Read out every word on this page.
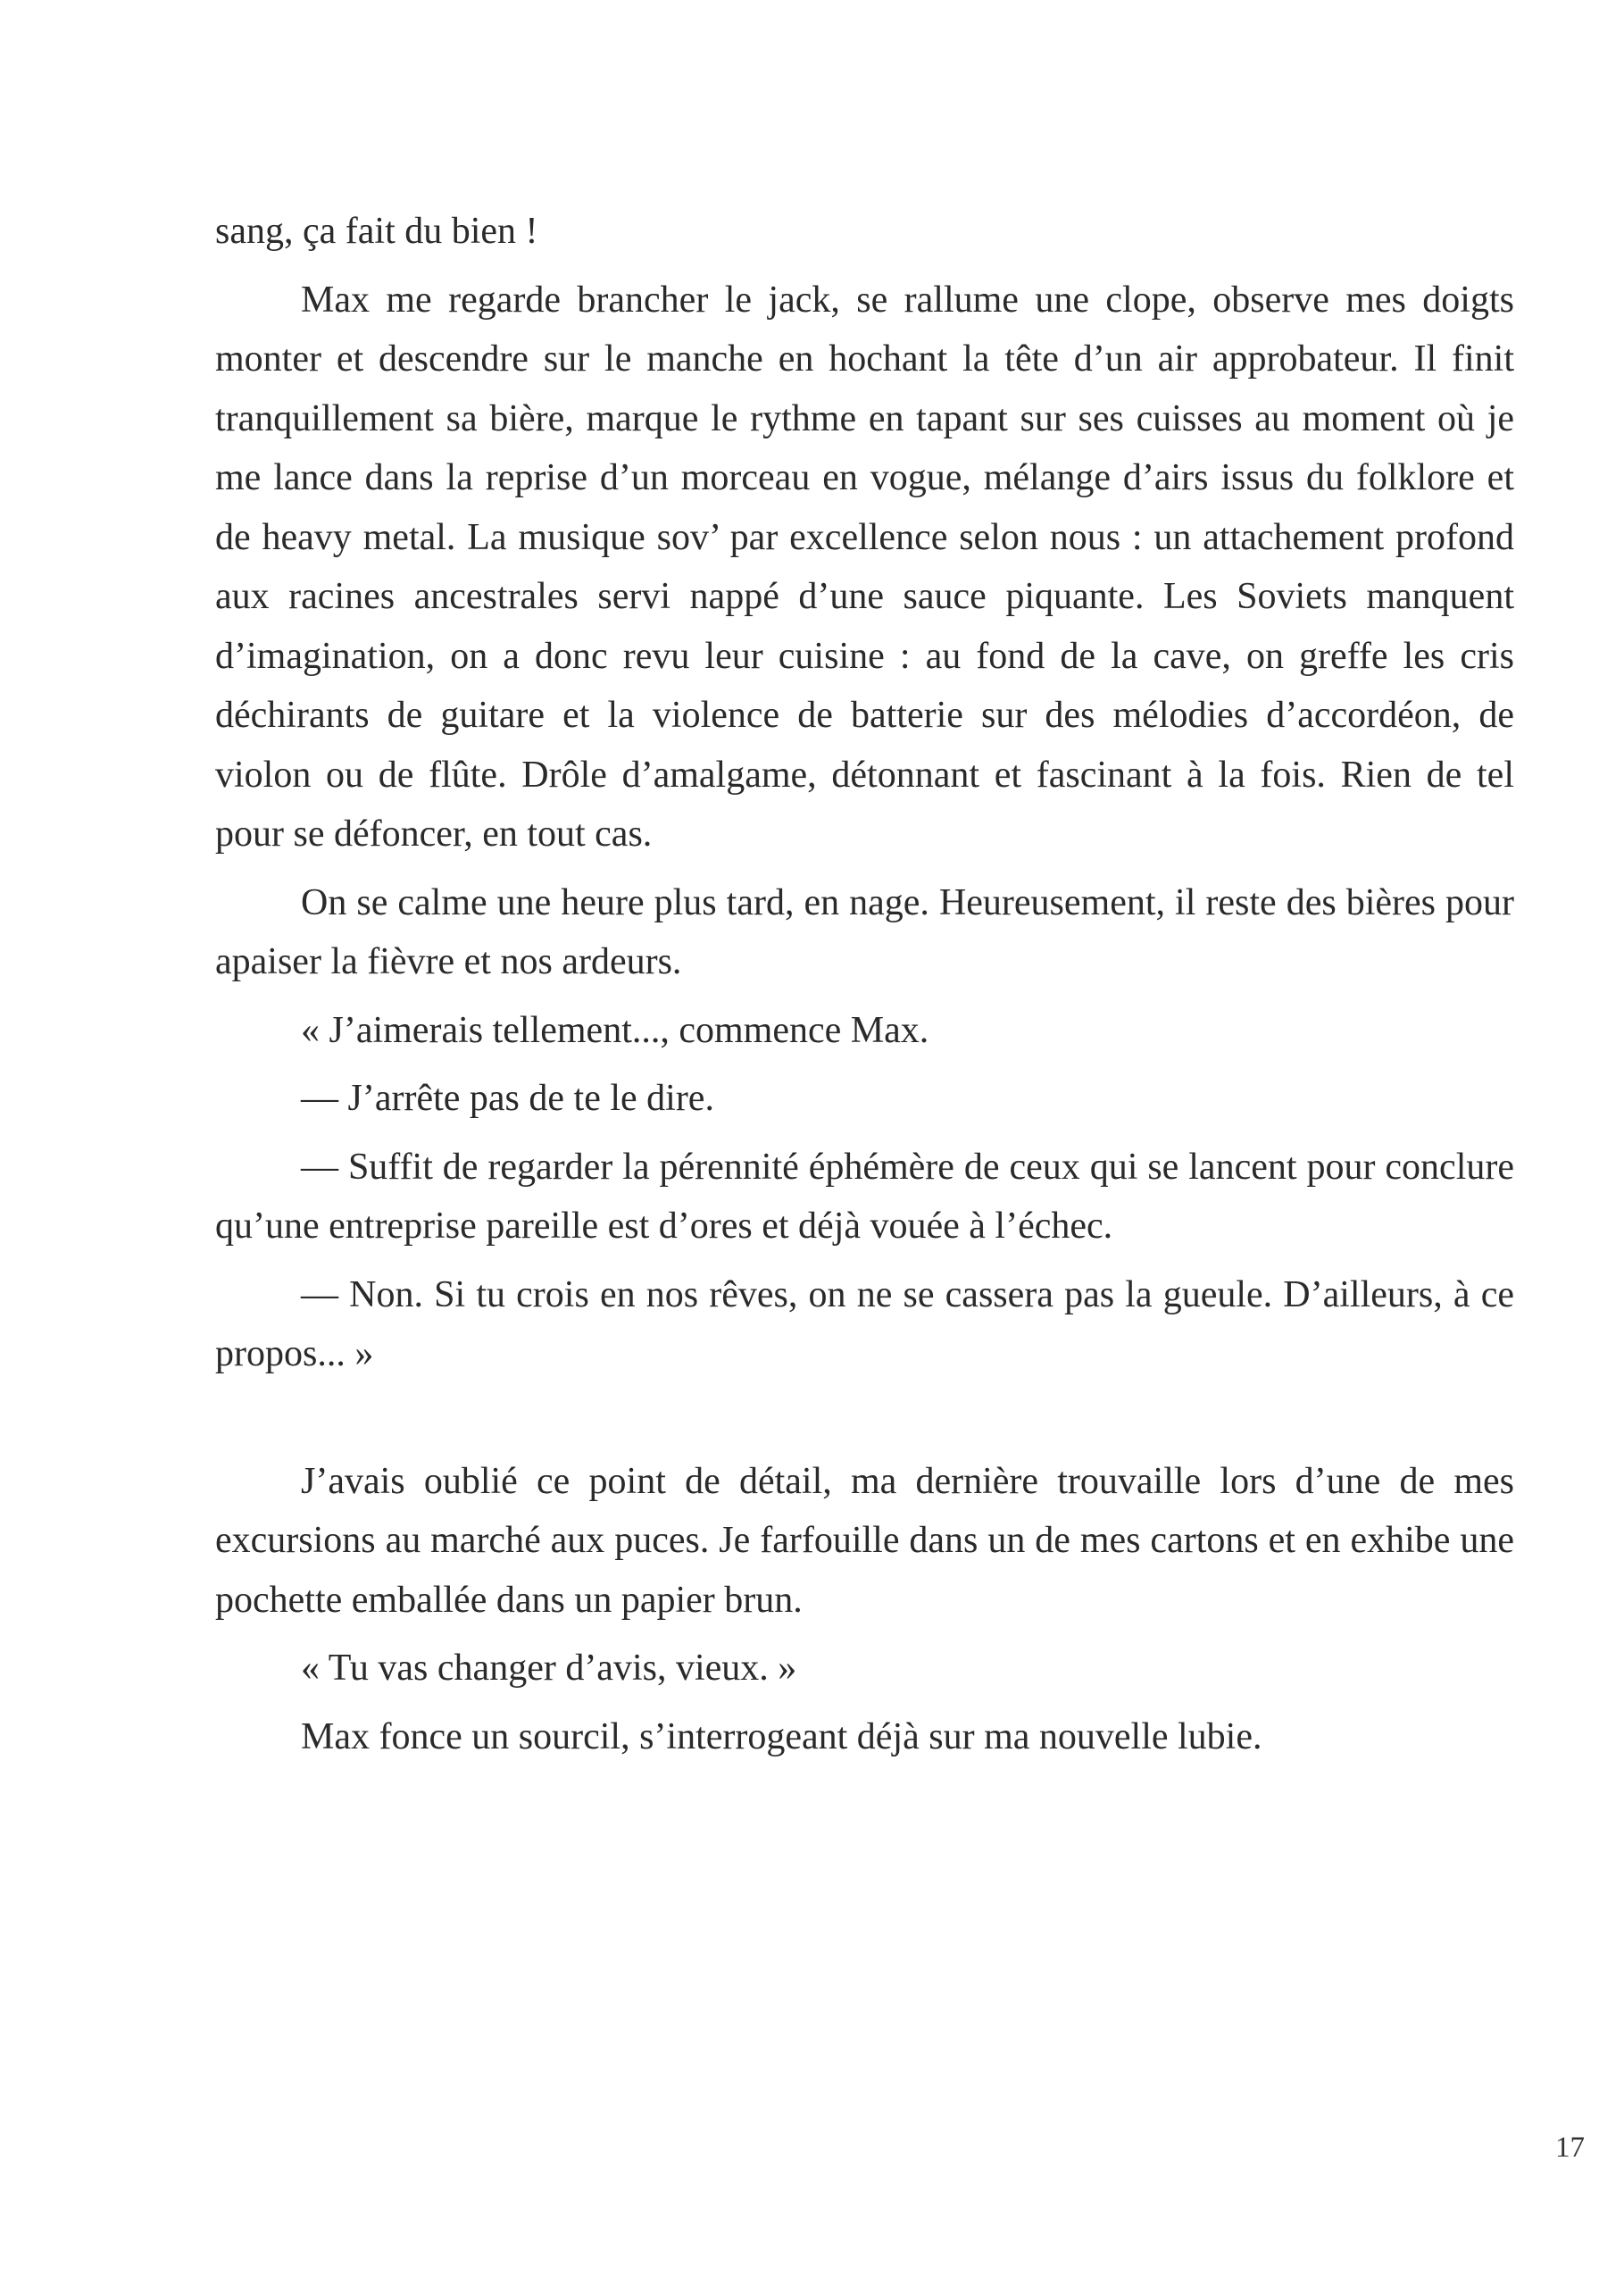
sang, ça fait du bien !

Max me regarde brancher le jack, se rallume une clope, observe mes doigts monter et descendre sur le manche en hochant la tête d’un air approbateur. Il finit tranquillement sa bière, marque le rythme en tapant sur ses cuisses au moment où je me lance dans la reprise d’un morceau en vogue, mélange d’airs issus du folklore et de heavy metal. La musique sov’ par excellence selon nous : un attachement profond aux racines ancestrales servi nappé d’une sauce piquante. Les Soviets manquent d’imagination, on a donc revu leur cuisine : au fond de la cave, on greffe les cris déchirants de guitare et la violence de batterie sur des mélodies d’accordéon, de violon ou de flûte. Drôle d’amalgame, détonnant et fascinant à la fois. Rien de tel pour se défoncer, en tout cas.

On se calme une heure plus tard, en nage. Heureusement, il reste des bières pour apaiser la fièvre et nos ardeurs.

« J’aimerais tellement..., commence Max.

— J’arrête pas de te le dire.

— Suffit de regarder la pérennité éphémère de ceux qui se lancent pour conclure qu’une entreprise pareille est d’ores et déjà vouée à l’échec.

— Non. Si tu crois en nos rêves, on ne se cassera pas la gueule. D’ailleurs, à ce propos... »

J’avais oublié ce point de détail, ma dernière trouvaille lors d’une de mes excursions au marché aux puces. Je farfouille dans un de mes cartons et en exhibe une pochette emballée dans un papier brun.

« Tu vas changer d’avis, vieux. »

Max fonce un sourcil, s’interrogeant déjà sur ma nouvelle lubie.

17
